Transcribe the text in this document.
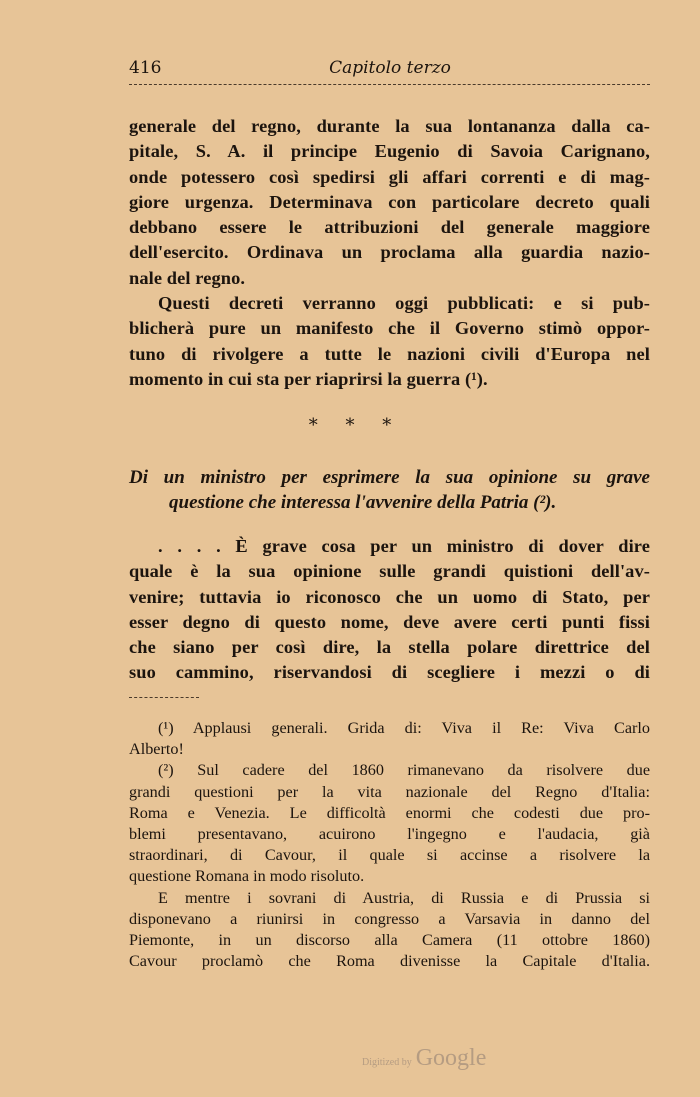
416	Capitolo terzo
generale del regno, durante la sua lontananza dalla ca-
pitale, S. A. il principe Eugenio di Savoia Carignano,
onde potessero così spedirsi gli affari correnti e di mag-
giore urgenza. Determinava con particolare decreto quali
debbano essere le attribuzioni del generale maggiore
dell'esercito. Ordinava un proclama alla guardia nazio-
nale del regno.
Questi decreti verranno oggi pubblicati: e si pub-
blicherà pure un manifesto che il Governo stimò oppor-
tuno di rivolgere a tutte le nazioni civili d'Europa nel
momento in cui sta per riaprirsi la guerra (¹).
* * *
Di un ministro per esprimere la sua opinione su grave
questione che interessa l'avvenire della Patria (²).
. . . . È grave cosa per un ministro di dover dire
quale è la sua opinione sulle grandi quistioni dell'av-
venire; tuttavia io riconosco che un uomo di Stato, per
esser degno di questo nome, deve avere certi punti fissi
che siano per così dire, la stella polare direttrice del
suo cammino, riservandosi di scegliere i mezzi o di
(¹) Applausi generali. Grida di: Viva il Re: Viva Carlo
Alberto!
(²) Sul cadere del 1860 rimanevano da risolvere due
grandi questioni per la vita nazionale del Regno d'Italia:
Roma e Venezia. Le difficoltà enormi che codesti due pro-
blemi presentavano, acuirono l'ingegno e l'audacia, già
straordinari, di Cavour, il quale si accinse a risolvere la
questione Romana in modo risoluto.
E mentre i sovrani di Austria, di Russia e di Prussia si
disponevano a riunirsi in congresso a Varsavia in danno del
Piemonte, in un discorso alla Camera (11 ottobre 1860)
Cavour proclamò che Roma divenisse la Capitale d'Italia.
Digitized by Google
